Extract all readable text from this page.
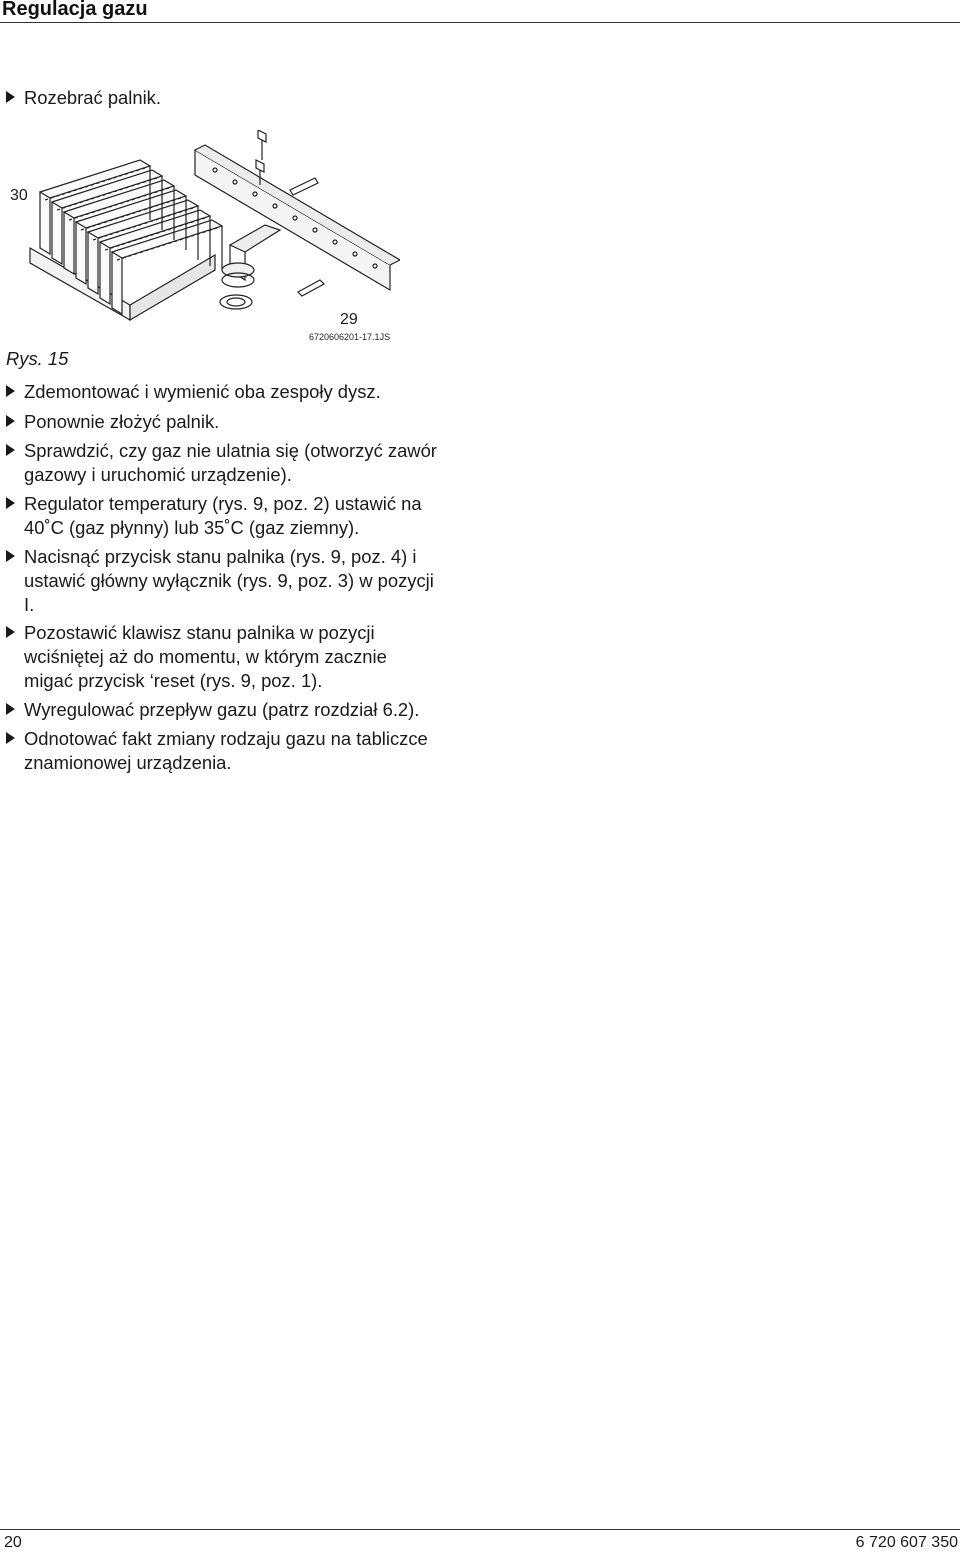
Regulacja gazu
Rozebrać palnik.
30
29
6720606201-17.1JS
Rys. 15
Zdemontować i wymienić oba zespoły dysz.
Ponownie złożyć palnik.
Sprawdzić, czy gaz nie ulatnia się (otworzyć zawór
gazowy i uruchomić urządzenie).
Regulator temperatury (rys. 9, poz. 2) ustawić na
40˚C (gaz płynny) lub 35˚C (gaz ziemny).
Nacisnąć przycisk stanu palnika (rys. 9, poz. 4) i
ustawić główny wyłącznik (rys. 9, poz. 3) w pozycji
I.
Pozostawić klawisz stanu palnika w pozycji
wciśniętej aż do momentu, w którym zacznie
migać przycisk ‘reset (rys. 9, poz. 1).
Wyregulować przepływ gazu (patrz rozdział 6.2).
Odnotować fakt zmiany rodzaju gazu na tabliczce
znamionowej urządzenia.
20	6 720 607 350
